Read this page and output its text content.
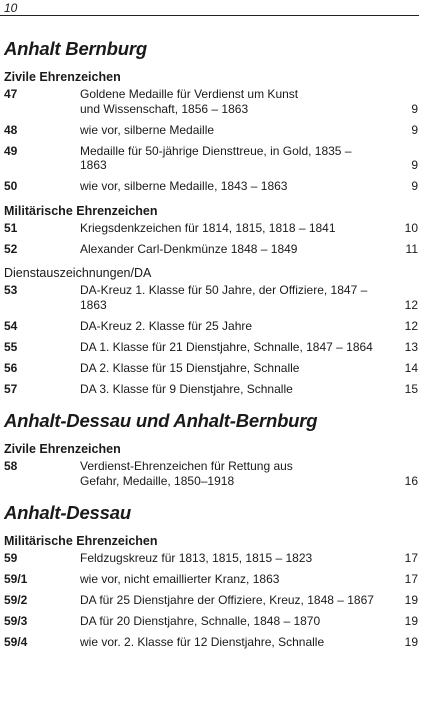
10
Anhalt Bernburg
Zivile Ehrenzeichen
47	Goldene Medaille für Verdienst um Kunst
und Wissenschaft, 1856 – 1863	9
48	wie vor, silberne Medaille	9
49	Medaille für 50-jährige Diensttreue, in Gold, 1835 – 1863	9
50	wie vor, silberne Medaille, 1843 – 1863	9
Militärische Ehrenzeichen
51	Kriegsdenkzeichen für 1814, 1815, 1818 – 1841	10
52	Alexander Carl-Denkmünze 1848 – 1849	11
Dienstauszeichnungen/DA
53	DA-Kreuz 1. Klasse für 50 Jahre, der Offiziere, 1847 – 1863	12
54	DA-Kreuz 2. Klasse für 25 Jahre	12
55	DA 1. Klasse für 21 Dienstjahre, Schnalle, 1847 – 1864	13
56	DA 2. Klasse für 15 Dienstjahre, Schnalle	14
57	DA 3. Klasse für 9 Dienstjahre, Schnalle	15
Anhalt-Dessau und Anhalt-Bernburg
Zivile Ehrenzeichen
58	Verdienst-Ehrenzeichen für Rettung aus
Gefahr, Medaille, 1850–1918	16
Anhalt-Dessau
Militärische Ehrenzeichen
59	Feldzugskreuz für 1813, 1815, 1815 – 1823	17
59/1	wie vor, nicht emaillierter Kranz, 1863	17
59/2	DA für 25 Dienstjahre der Offiziere, Kreuz, 1848 – 1867	19
59/3	DA für 20 Dienstjahre, Schnalle, 1848 – 1870	19
59/4	wie vor. 2. Klasse für 12 Dienstjahre, Schnalle	19
